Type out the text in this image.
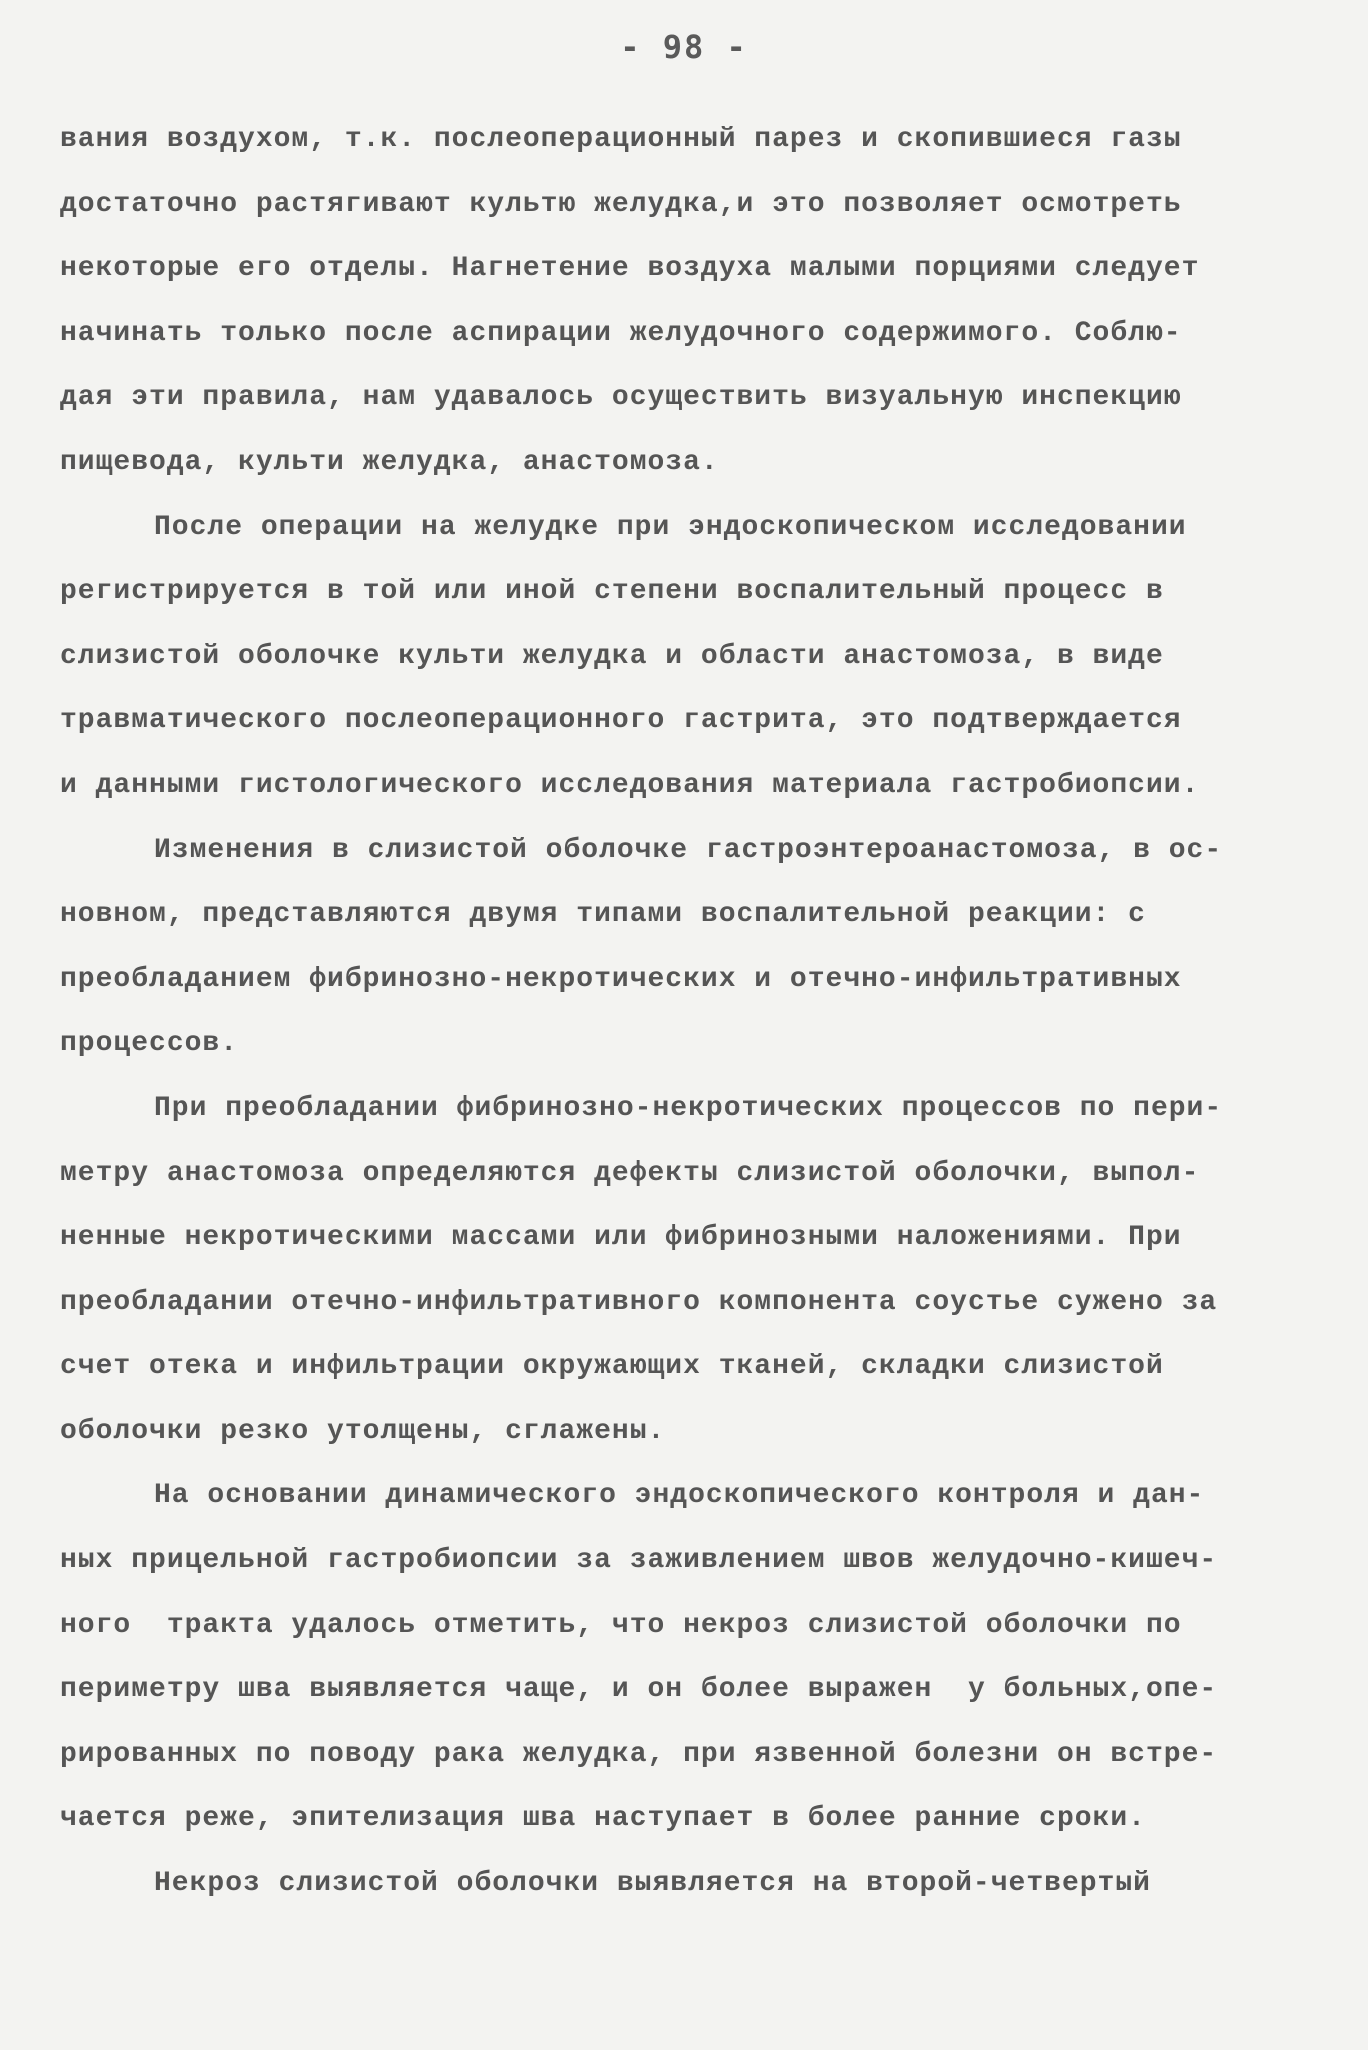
- 98 -
вания воздухом, т.к. послеоперационный парез и скопившиеся газы
достаточно растягивают культю желудка,и это позволяет осмотреть
некоторые его отделы. Нагнетение воздуха малыми порциями следует
начинать только после аспирации желудочного содержимого. Соблю-
дая эти правила, нам удавалось осуществить визуальную инспекцию
пищевода, культи желудка, анастомоза.
После операции на желудке при эндоскопическом исследовании
регистрируется в той или иной степени воспалительный процесс в
слизистой оболочке культи желудка и области анастомоза, в виде
травматического послеоперационного гастрита, это подтверждается
и данными гистологического исследования материала гастробиопсии.
Изменения в слизистой оболочке гастроэнтероанастомоза, в ос-
новном, представляются двумя типами воспалительной реакции: с
преобладанием фибринозно-некротических и отечно-инфильтративных
процессов.
При преобладании фибринозно-некротических процессов по пери-
метру анастомоза определяются дефекты слизистой оболочки, выпол-
ненные некротическими массами или фибринозными наложениями. При
преобладании отечно-инфильтративного компонента соустье сужено за
счет отека и инфильтрации окружающих тканей, складки слизистой
оболочки резко утолщены, сглажены.
На основании динамического эндоскопического контроля и дан-
ных прицельной гастробиопсии за заживлением швов желудочно-кишеч-
ного  тракта удалось отметить, что некроз слизистой оболочки по
периметру шва выявляется чаще, и он более выражен  у больных,опе-
рированных по поводу рака желудка, при язвенной болезни он встре-
чается реже, эпителизация шва наступает в более ранние сроки.
Некроз слизистой оболочки выявляется на второй-четвертый
